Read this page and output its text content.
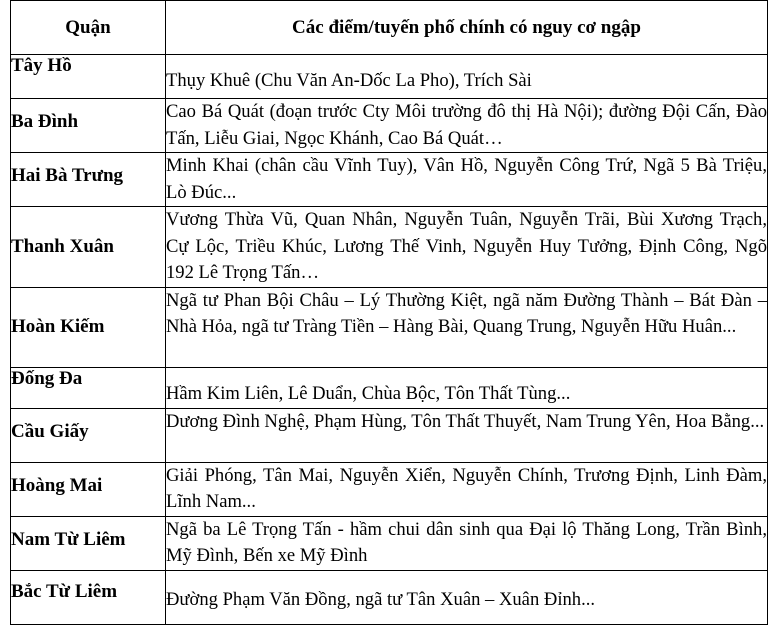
Quận	Các điểm/tuyến phố chính có nguy cơ ngập
Tây Hồ	Thụy Khuê (Chu Văn An-Dốc La Pho), Trích Sài
Ba Đình	Cao Bá Quát (đoạn trước Cty Môi trường đô thị Hà Nội); đường Đội Cấn, Đào Tấn, Liễu Giai, Ngọc Khánh, Cao Bá Quát…
Hai Bà Trưng	Minh Khai (chân cầu Vĩnh Tuy), Vân Hồ, Nguyễn Công Trứ, Ngã 5 Bà Triệu, Lò Đúc...
Thanh Xuân	Vương Thừa Vũ, Quan Nhân, Nguyễn Tuân, Nguyễn Trãi, Bùi Xương Trạch, Cự Lộc, Triều Khúc, Lương Thế Vinh, Nguyễn Huy Tưởng, Định Công, Ngõ 192 Lê Trọng Tấn…
Hoàn Kiếm	Ngã tư Phan Bội Châu – Lý Thường Kiệt, ngã năm Đường Thành – Bát Đàn – Nhà Hỏa, ngã tư Tràng Tiền – Hàng Bài, Quang Trung, Nguyễn Hữu Huân...
Đống Đa	Hầm Kim Liên, Lê Duẩn, Chùa Bộc, Tôn Thất Tùng...
Cầu Giấy	Dương Đình Nghệ, Phạm Hùng, Tôn Thất Thuyết, Nam Trung Yên, Hoa Bằng...
Hoàng Mai	Giải Phóng, Tân Mai, Nguyễn Xiển, Nguyễn Chính, Trương Định, Linh Đàm, Lĩnh Nam...
Nam Từ Liêm	Ngã ba Lê Trọng Tấn - hầm chui dân sinh qua Đại lộ Thăng Long, Trần Bình, Mỹ Đình, Bến xe Mỹ Đình
Bắc Từ Liêm	Đường Phạm Văn Đồng, ngã tư Tân Xuân – Xuân Đỉnh...
